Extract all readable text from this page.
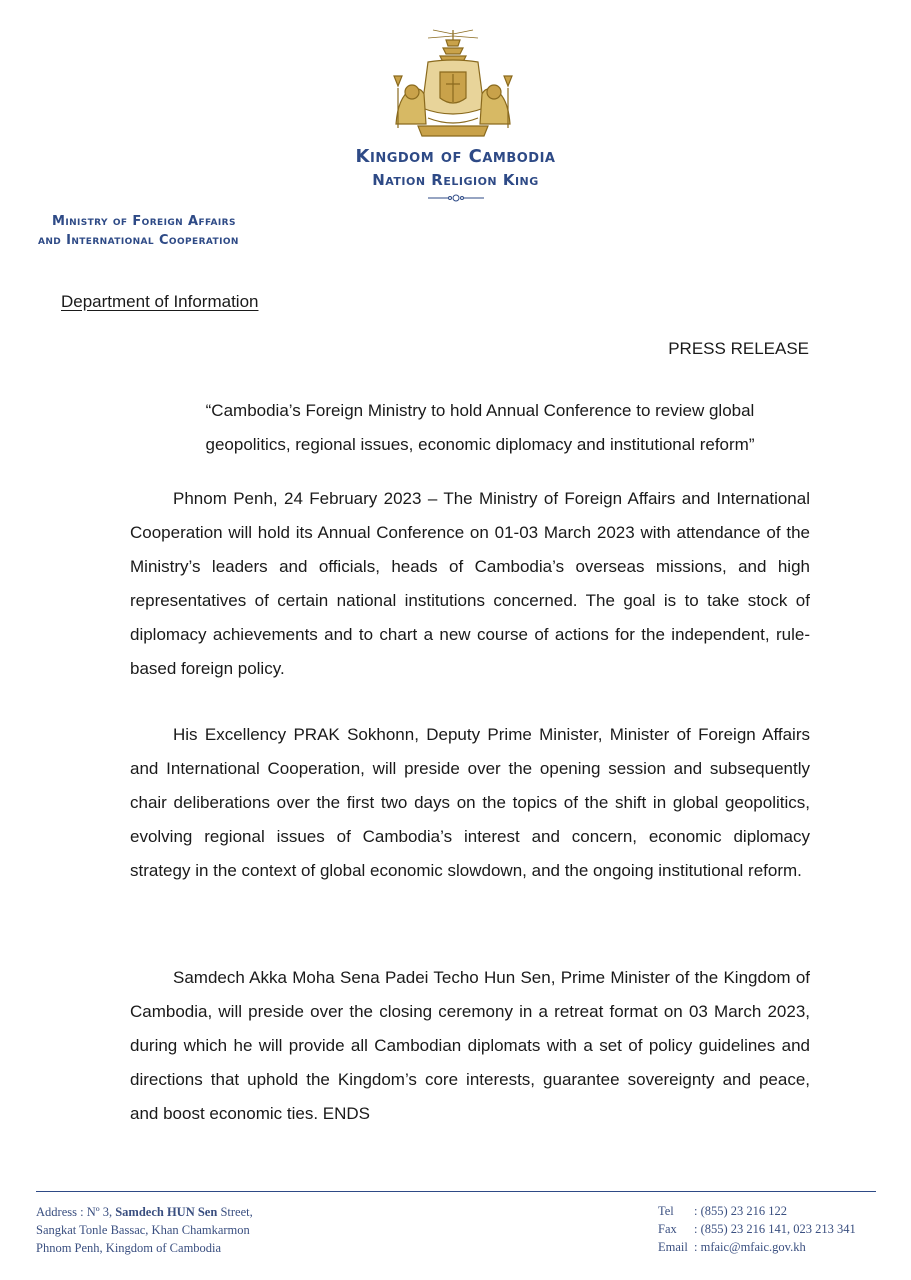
Kingdom of Cambodia
Nation Religion King
Ministry of Foreign Affairs
and International Cooperation
Department of Information
PRESS RELEASE
“Cambodia’s Foreign Ministry to hold Annual Conference to review global geopolitics, regional issues, economic diplomacy and institutional reform”

Phnom Penh, 24 February 2023 – The Ministry of Foreign Affairs and International Cooperation will hold its Annual Conference on 01-03 March 2023 with attendance of the Ministry’s leaders and officials, heads of Cambodia’s overseas missions, and high representatives of certain national institutions concerned. The goal is to take stock of diplomacy achievements and to chart a new course of actions for the independent, rule-based foreign policy.

His Excellency PRAK Sokhonn, Deputy Prime Minister, Minister of Foreign Affairs and International Cooperation, will preside over the opening session and subsequently chair deliberations over the first two days on the topics of the shift in global geopolitics, evolving regional issues of Cambodia’s interest and concern, economic diplomacy strategy in the context of global economic slowdown, and the ongoing institutional reform.

Samdech Akka Moha Sena Padei Techo Hun Sen, Prime Minister of the Kingdom of Cambodia, will preside over the closing ceremony in a retreat format on 03 March 2023, during which he will provide all Cambodian diplomats with a set of policy guidelines and directions that uphold the Kingdom’s core interests, guarantee sovereignty and peace, and boost economic ties. ENDS

Address : Nº 3, Samdech HUN Sen Street,
Sangkat Tonle Bassac, Khan Chamkarmon
Phnom Penh, Kingdom of Cambodia
Tel : (855) 23 216 122
Fax : (855) 23 216 141, 023 213 341
Email : mfaic@mfaic.gov.kh
